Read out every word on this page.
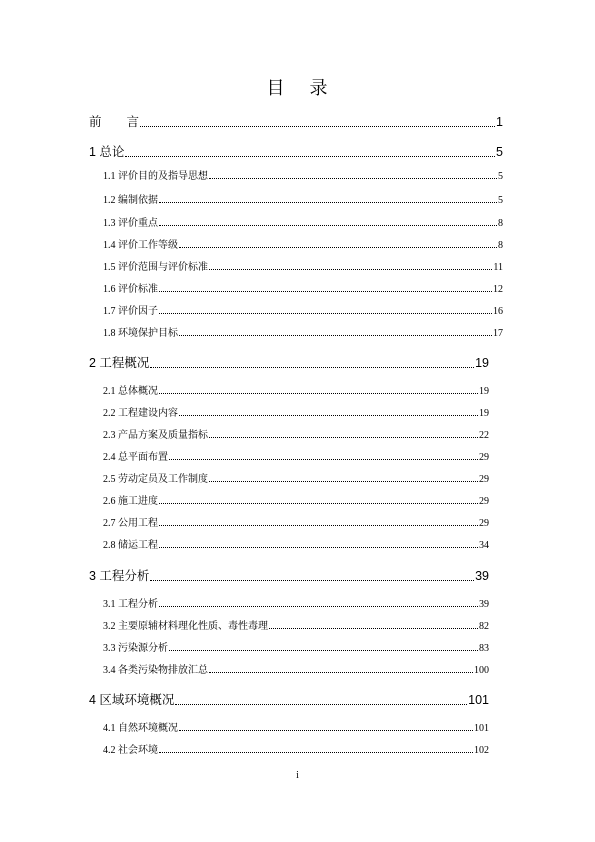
目 录
前　　言	1
1 总论	5
1.1 评价目的及指导思想	5
1.2 编制依据	5
1.3 评价重点	8
1.4 评价工作等级	8
1.5 评价范围与评价标准	11
1.6 评价标准	12
1.7 评价因子	16
1.8 环境保护目标	17
2 工程概况	19
2.1 总体概况	19
2.2 工程建设内容	19
2.3 产品方案及质量指标	22
2.4 总平面布置	29
2.5 劳动定员及工作制度	29
2.6 施工进度	29
2.7 公用工程	29
2.8 储运工程	34
3 工程分析	39
3.1 工程分析	39
3.2 主要原辅材料理化性质、毒性毒理	82
3.3 污染源分析	83
3.4 各类污染物排放汇总	100
4 区域环境概况	101
4.1 自然环境概况	101
4.2 社会环境	102
i
